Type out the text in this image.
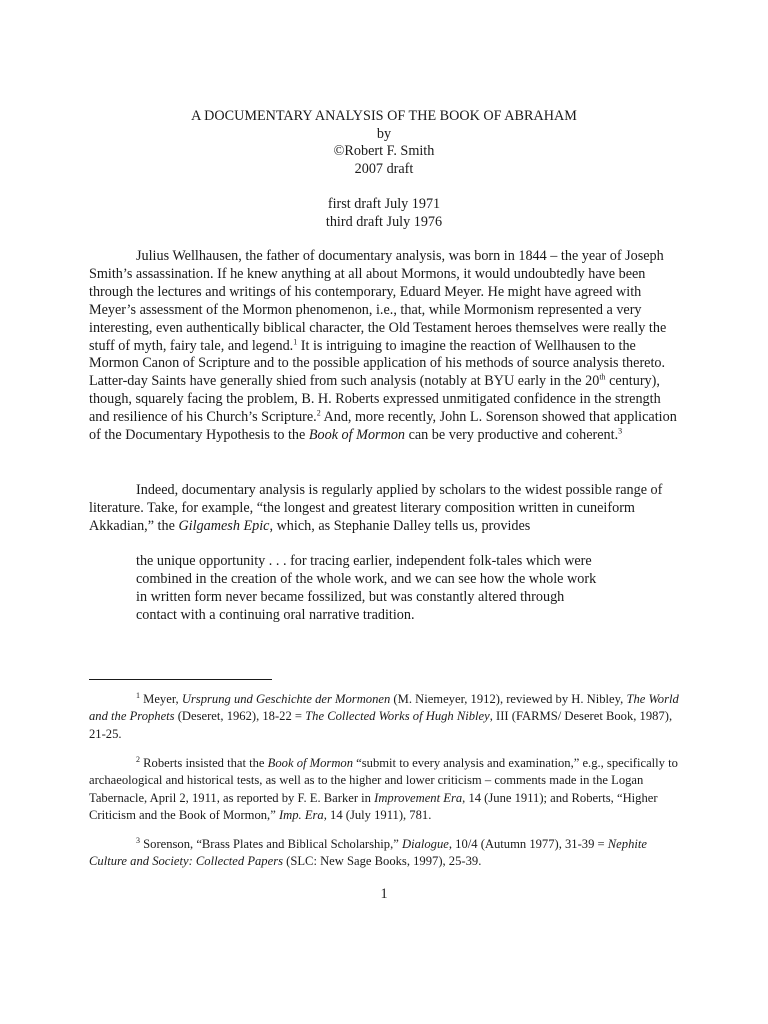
A DOCUMENTARY ANALYSIS OF THE BOOK OF ABRAHAM
by
©Robert F. Smith
2007 draft
first draft July 1971
third draft July 1976
Julius Wellhausen, the father of documentary analysis, was born in 1844 – the year of Joseph Smith’s assassination. If he knew anything at all about Mormons, it would undoubtedly have been through the lectures and writings of his contemporary, Eduard Meyer. He might have agreed with Meyer’s assessment of the Mormon phenomenon, i.e., that, while Mormonism represented a very interesting, even authentically biblical character, the Old Testament heroes themselves were really the stuff of myth, fairy tale, and legend.$^1$ It is intriguing to imagine the reaction of Wellhausen to the Mormon Canon of Scripture and to the possible application of his methods of source analysis thereto. Latter-day Saints have generally shied from such analysis (notably at BYU early in the 20th century), though, squarely facing the problem, B. H. Roberts expressed unmitigated confidence in the strength and resilience of his Church’s Scripture.$^2$ And, more recently, John L. Sorenson showed that application of the Documentary Hypothesis to the Book of Mormon can be very productive and coherent.$^3$
Indeed, documentary analysis is regularly applied by scholars to the widest possible range of literature. Take, for example, “the longest and greatest literary composition written in cuneiform Akkadian,” the Gilgamesh Epic, which, as Stephanie Dalley tells us, provides
the unique opportunity . . . for tracing earlier, independent folk-tales which were
combined in the creation of the whole work, and we can see how the whole work
in written form never became fossilized, but was constantly altered through
contact with a continuing oral narrative tradition.
$^1$ Meyer, Ursprung und Geschichte der Mormonen (M. Niemeyer, 1912), reviewed by H. Nibley, The World and the Prophets (Deseret, 1962), 18-22 = The Collected Works of Hugh Nibley, III (FARMS/ Deseret Book, 1987), 21-25.
$^2$ Roberts insisted that the Book of Mormon “submit to every analysis and examination,” e.g., specifically to archaeological and historical tests, as well as to the higher and lower criticism – comments made in the Logan Tabernacle, April 2, 1911, as reported by F. E. Barker in Improvement Era, 14 (June 1911); and Roberts, “Higher Criticism and the Book of Mormon,” Imp. Era, 14 (July 1911), 781.
$^3$ Sorenson, “Brass Plates and Biblical Scholarship,” Dialogue, 10/4 (Autumn 1977), 31-39 = Nephite Culture and Society: Collected Papers (SLC: New Sage Books, 1997), 25-39.
1
